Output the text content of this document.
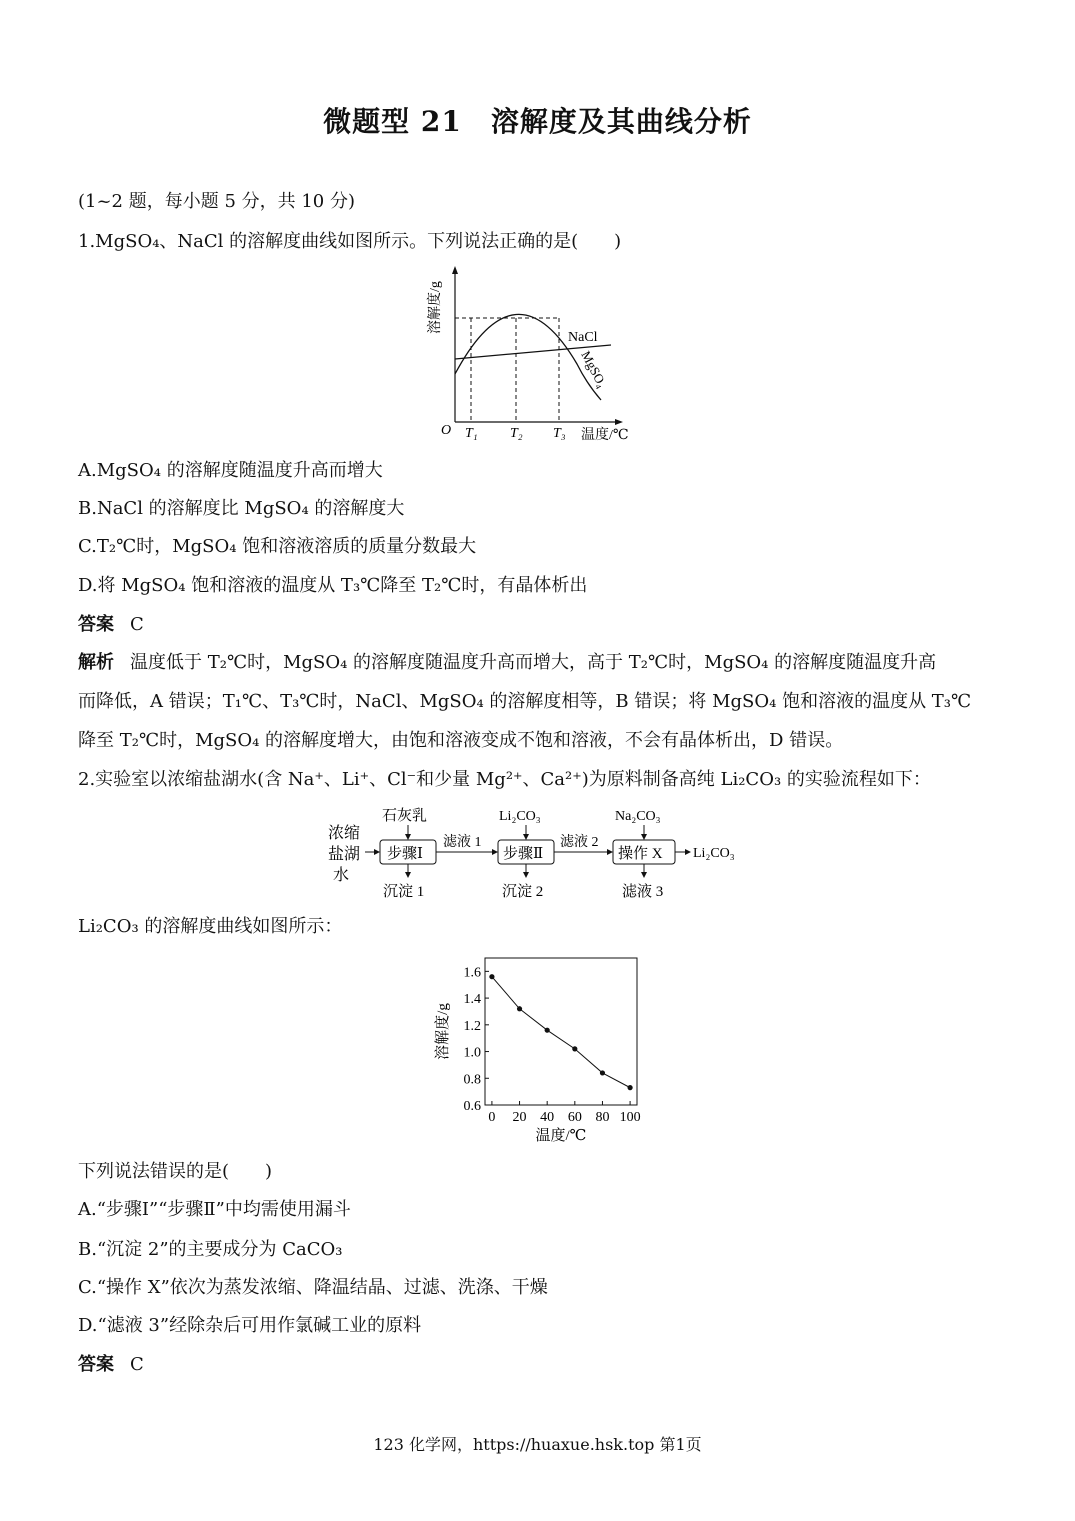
微题型 21　溶解度及其曲线分析
(1~2 题，每小题 5 分，共 10 分)
1.MgSO₄、NaCl 的溶解度曲线如图所示。下列说法正确的是(　　)
溶解度/g
O T₁ T₂ T₃ 温度/℃
NaCl
MgSO₄
A.MgSO₄ 的溶解度随温度升高而增大
B.NaCl 的溶解度比 MgSO₄ 的溶解度大
C.T₂℃时，MgSO₄ 饱和溶液溶质的质量分数最大
D.将 MgSO₄ 饱和溶液的温度从 T₃℃降至 T₂℃时，有晶体析出
答案 C
解析 温度低于 T₂℃时，MgSO₄ 的溶解度随温度升高而增大，高于 T₂℃时，MgSO₄ 的溶解度随温度升高
而降低，A 错误；T₁℃、T₃℃时，NaCl、MgSO₄ 的溶解度相等，B 错误；将 MgSO₄ 饱和溶液的温度从 T₃℃
降至 T₂℃时，MgSO₄ 的溶解度增大，由饱和溶液变成不饱和溶液，不会有晶体析出，D 错误。
2.实验室以浓缩盐湖水(含 Na⁺、Li⁺、Cl⁻和少量 Mg²⁺、Ca²⁺)为原料制备高纯 Li₂CO₃ 的实验流程如下：
浓缩
盐湖
水
步骤Ⅰ	步骤Ⅱ	操作 X
石灰乳	Li₂CO₃	Na₂CO₃
滤液 1	滤液 2
Li₂CO₃
沉淀 1	沉淀 2	滤液 3
Li₂CO₃ 的溶解度曲线如图所示：
0.6
0.8
1.0
1.2
1.4
1.6
0 20 40 60 80 100
温度/℃
溶解度/g
下列说法错误的是(　　)
A.“步骤Ⅰ”“步骤Ⅱ”中均需使用漏斗
B.“沉淀 2”的主要成分为 CaCO₃
C.“操作 X”依次为蒸发浓缩、降温结晶、过滤、洗涤、干燥
D.“滤液 3”经除杂后可用作氯碱工业的原料
答案 C
123 化学网，https://huaxue.hsk.top 第1页
